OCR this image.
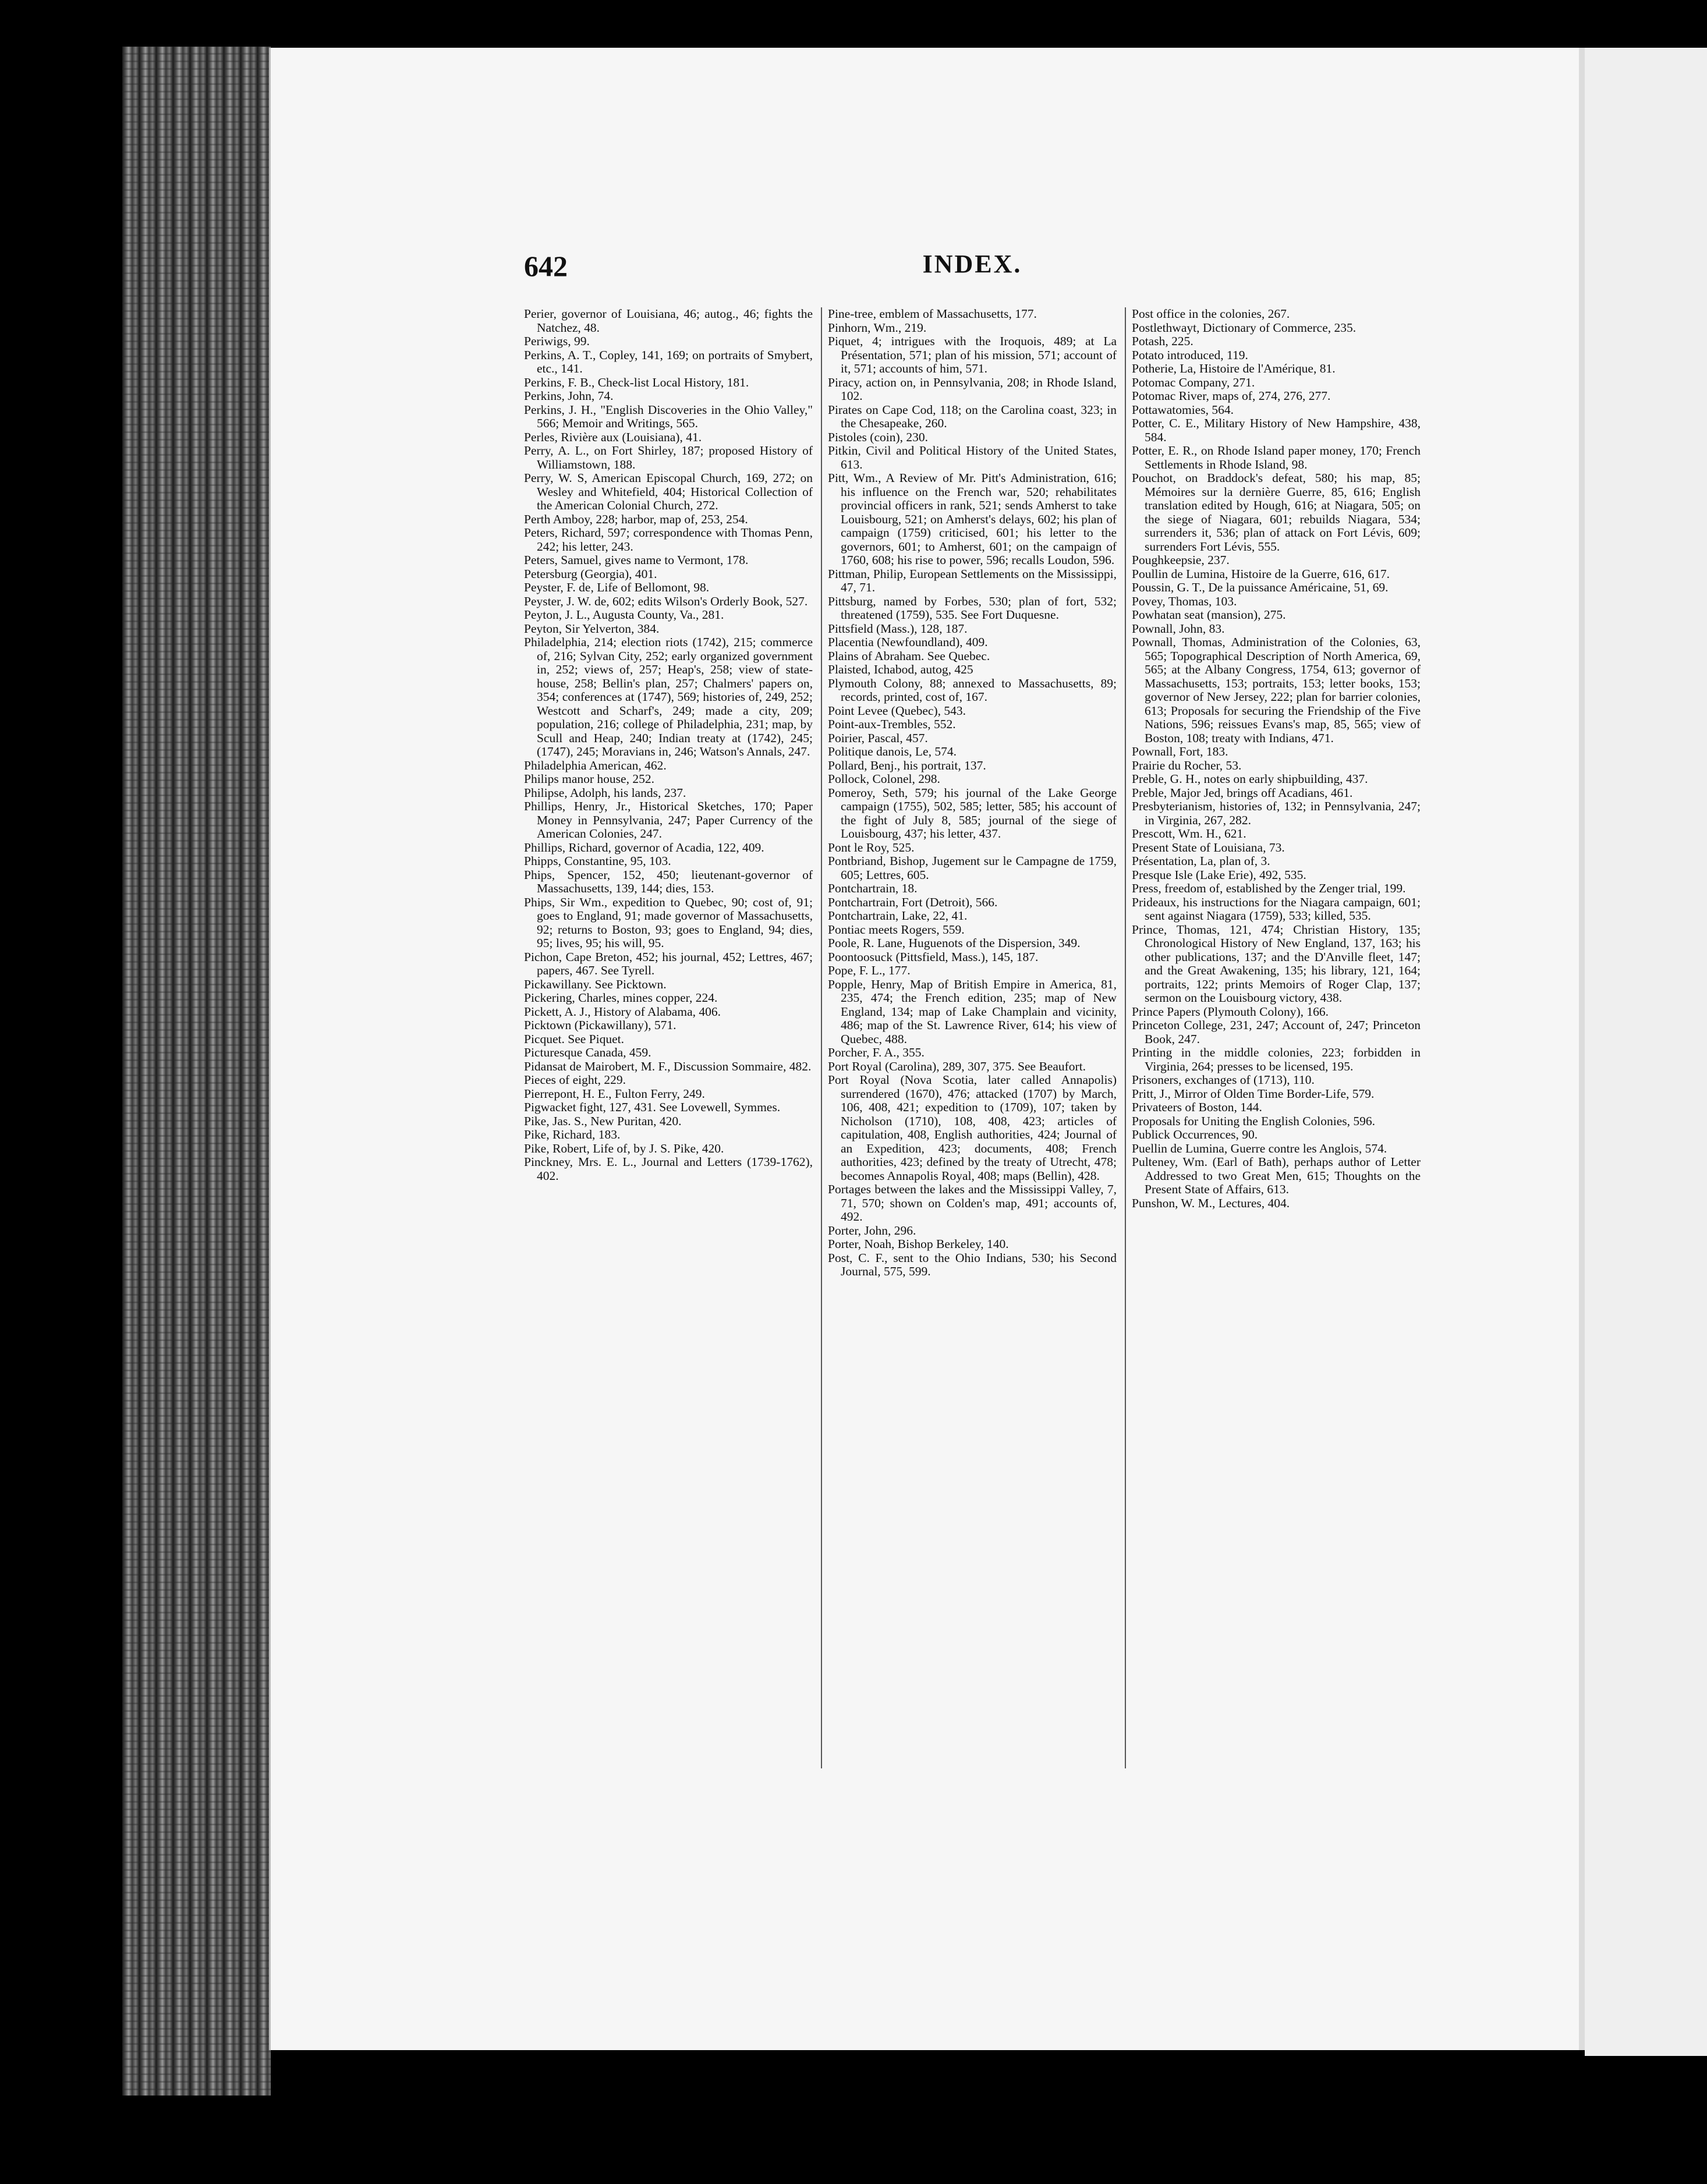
642	INDEX.

Perier, governor of Louisiana, 46; autog., 46; fights the Natchez, 48.

Periwigs, 99.

Perkins, A. T., Copley, 141, 169; on portraits of Smybert, etc., 141.

Perkins, F. B., Check-list Local History, 181.

Perkins, John, 74.

Perkins, J. H., "English Discoveries in the Ohio Valley," 566; Memoir and Writings, 565.

Perles, Rivière aux (Louisiana), 41.

Perry, A. L., on Fort Shirley, 187; proposed History of Williamstown, 188.

Perry, W. S, American Episcopal Church, 169, 272; on Wesley and Whitefield, 404; Historical Collection of the American Colonial Church, 272.

Perth Amboy, 228; harbor, map of, 253, 254.

Peters, Richard, 597; correspondence with Thomas Penn, 242; his letter, 243.

Peters, Samuel, gives name to Vermont, 178.

Petersburg (Georgia), 401.

Peyster, F. de, Life of Bellomont, 98.

Peyster, J. W. de, 602; edits Wilson's Orderly Book, 527.

Peyton, J. L., Augusta County, Va., 281.

Peyton, Sir Yelverton, 384.

Philadelphia, 214; election riots (1742), 215; commerce of, 216; Sylvan City, 252; early organized government in, 252; views of, 257; Heap's, 258; view of state-house, 258; Bellin's plan, 257; Chalmers' papers on, 354; conferences at (1747), 569; histories of, 249, 252; Westcott and Scharf's, 249; made a city, 209; population, 216; college of Philadelphia, 231; map, by Scull and Heap, 240; Indian treaty at (1742), 245; (1747), 245; Moravians in, 246; Watson's Annals, 247.

Philadelphia American, 462.

Philips manor house, 252.

Philipse, Adolph, his lands, 237.

Phillips, Henry, Jr., Historical Sketches, 170; Paper Money in Pennsylvania, 247; Paper Currency of the American Colonies, 247.

Phillips, Richard, governor of Acadia, 122, 409.

Phipps, Constantine, 95, 103.

Phips, Spencer, 152, 450; lieutenant-governor of Massachusetts, 139, 144; dies, 153.

Phips, Sir Wm., expedition to Quebec, 90; cost of, 91; goes to England, 91; made governor of Massachusetts, 92; returns to Boston, 93; goes to England, 94; dies, 95; lives, 95; his will, 95.

Pichon, Cape Breton, 452; his journal, 452; Lettres, 467; papers, 467. See Tyrell.

Pickawillany. See Picktown.

Pickering, Charles, mines copper, 224.

Pickett, A. J., History of Alabama, 406.

Picktown (Pickawillany), 571.

Picquet. See Piquet.

Picturesque Canada, 459.

Pidansat de Mairobert, M. F., Discussion Sommaire, 482.

Pieces of eight, 229.

Pierrepont, H. E., Fulton Ferry, 249.

Pigwacket fight, 127, 431. See Lovewell, Symmes.

Pike, Jas. S., New Puritan, 420.

Pike, Richard, 183.

Pike, Robert, Life of, by J. S. Pike, 420.

Pinckney, Mrs. E. L., Journal and Letters (1739-1762), 402.

Pine-tree, emblem of Massachusetts, 177.

Pinhorn, Wm., 219.

Piquet, 4; intrigues with the Iroquois, 489; at La Présentation, 571; plan of his mission, 571; account of it, 571; accounts of him, 571.

Piracy, action on, in Pennsylvania, 208; in Rhode Island, 102.

Pirates on Cape Cod, 118; on the Carolina coast, 323; in the Chesapeake, 260.

Pistoles (coin), 230.

Pitkin, Civil and Political History of the United States, 613.

Pitt, Wm., A Review of Mr. Pitt's Administration, 616; his influence on the French war, 520; rehabilitates provincial officers in rank, 521; sends Amherst to take Louisbourg, 521; on Amherst's delays, 602; his plan of campaign (1759) criticised, 601; his letter to the governors, 601; to Amherst, 601; on the campaign of 1760, 608; his rise to power, 596; recalls Loudon, 596.

Pittman, Philip, European Settlements on the Mississippi, 47, 71.

Pittsburg, named by Forbes, 530; plan of fort, 532; threatened (1759), 535. See Fort Duquesne.

Pittsfield (Mass.), 128, 187.

Placentia (Newfoundland), 409.

Plains of Abraham. See Quebec.

Plaisted, Ichabod, autog, 425

Plymouth Colony, 88; annexed to Massachusetts, 89; records, printed, cost of, 167.

Point Levee (Quebec), 543.

Point-aux-Trembles, 552.

Poirier, Pascal, 457.

Politique danois, Le, 574.

Pollard, Benj., his portrait, 137.

Pollock, Colonel, 298.

Pomeroy, Seth, 579; his journal of the Lake George campaign (1755), 502, 585; letter, 585; his account of the fight of July 8, 585; journal of the siege of Louisbourg, 437; his letter, 437.

Pont le Roy, 525.

Pontbriand, Bishop, Jugement sur le Campagne de 1759, 605; Lettres, 605.

Pontchartrain, 18.

Pontchartrain, Fort (Detroit), 566.

Pontchartrain, Lake, 22, 41.

Pontiac meets Rogers, 559.

Poole, R. Lane, Huguenots of the Dispersion, 349.

Poontoosuck (Pittsfield, Mass.), 145, 187.

Pope, F. L., 177.

Popple, Henry, Map of British Empire in America, 81, 235, 474; the French edition, 235; map of New England, 134; map of Lake Champlain and vicinity, 486; map of the St. Lawrence River, 614; his view of Quebec, 488.

Porcher, F. A., 355.

Port Royal (Carolina), 289, 307, 375. See Beaufort.

Port Royal (Nova Scotia, later called Annapolis) surrendered (1670), 476; attacked (1707) by March, 106, 408, 421; expedition to (1709), 107; taken by Nicholson (1710), 108, 408, 423; articles of capitulation, 408, English authorities, 424; Journal of an Expedition, 423; documents, 408; French authorities, 423; defined by the treaty of Utrecht, 478; becomes Annapolis Royal, 408; maps (Bellin), 428.

Portages between the lakes and the Mississippi Valley, 7, 71, 570; shown on Colden's map, 491; accounts of, 492.

Porter, John, 296.

Porter, Noah, Bishop Berkeley, 140.

Post, C. F., sent to the Ohio Indians, 530; his Second Journal, 575, 599.

Post office in the colonies, 267.

Postlethwayt, Dictionary of Commerce, 235.

Potash, 225.

Potato introduced, 119.

Potherie, La, Histoire de l'Amérique, 81.

Potomac Company, 271.

Potomac River, maps of, 274, 276, 277.

Pottawatomies, 564.

Potter, C. E., Military History of New Hampshire, 438, 584.

Potter, E. R., on Rhode Island paper money, 170; French Settlements in Rhode Island, 98.

Pouchot, on Braddock's defeat, 580; his map, 85; Mémoires sur la dernière Guerre, 85, 616; English translation edited by Hough, 616; at Niagara, 505; on the siege of Niagara, 601; rebuilds Niagara, 534; surrenders it, 536; plan of attack on Fort Lévis, 609; surrenders Fort Lévis, 555.

Poughkeepsie, 237.

Poullin de Lumina, Histoire de la Guerre, 616, 617.

Poussin, G. T., De la puissance Américaine, 51, 69.

Povey, Thomas, 103.

Powhatan seat (mansion), 275.

Pownall, John, 83.

Pownall, Thomas, Administration of the Colonies, 63, 565; Topographical Description of North America, 69, 565; at the Albany Congress, 1754, 613; governor of Massachusetts, 153; portraits, 153; letter books, 153; governor of New Jersey, 222; plan for barrier colonies, 613; Proposals for securing the Friendship of the Five Nations, 596; reissues Evans's map, 85, 565; view of Boston, 108; treaty with Indians, 471.

Pownall, Fort, 183.

Prairie du Rocher, 53.

Preble, G. H., notes on early shipbuilding, 437.

Preble, Major Jed, brings off Acadians, 461.

Presbyterianism, histories of, 132; in Pennsylvania, 247; in Virginia, 267, 282.

Prescott, Wm. H., 621.

Present State of Louisiana, 73.

Présentation, La, plan of, 3.

Presque Isle (Lake Erie), 492, 535.

Press, freedom of, established by the Zenger trial, 199.

Prideaux, his instructions for the Niagara campaign, 601; sent against Niagara (1759), 533; killed, 535.

Prince, Thomas, 121, 474; Christian History, 135; Chronological History of New England, 137, 163; his other publications, 137; and the D'Anville fleet, 147; and the Great Awakening, 135; his library, 121, 164; portraits, 122; prints Memoirs of Roger Clap, 137; sermon on the Louisbourg victory, 438.

Prince Papers (Plymouth Colony), 166.

Princeton College, 231, 247; Account of, 247; Princeton Book, 247.

Printing in the middle colonies, 223; forbidden in Virginia, 264; presses to be licensed, 195.

Prisoners, exchanges of (1713), 110.

Pritt, J., Mirror of Olden Time Border-Life, 579.

Privateers of Boston, 144.

Proposals for Uniting the English Colonies, 596.

Publick Occurrences, 90.

Puellin de Lumina, Guerre contre les Anglois, 574.

Pulteney, Wm. (Earl of Bath), perhaps author of Letter Addressed to two Great Men, 615; Thoughts on the Present State of Affairs, 613.

Punshon, W. M., Lectures, 404.
